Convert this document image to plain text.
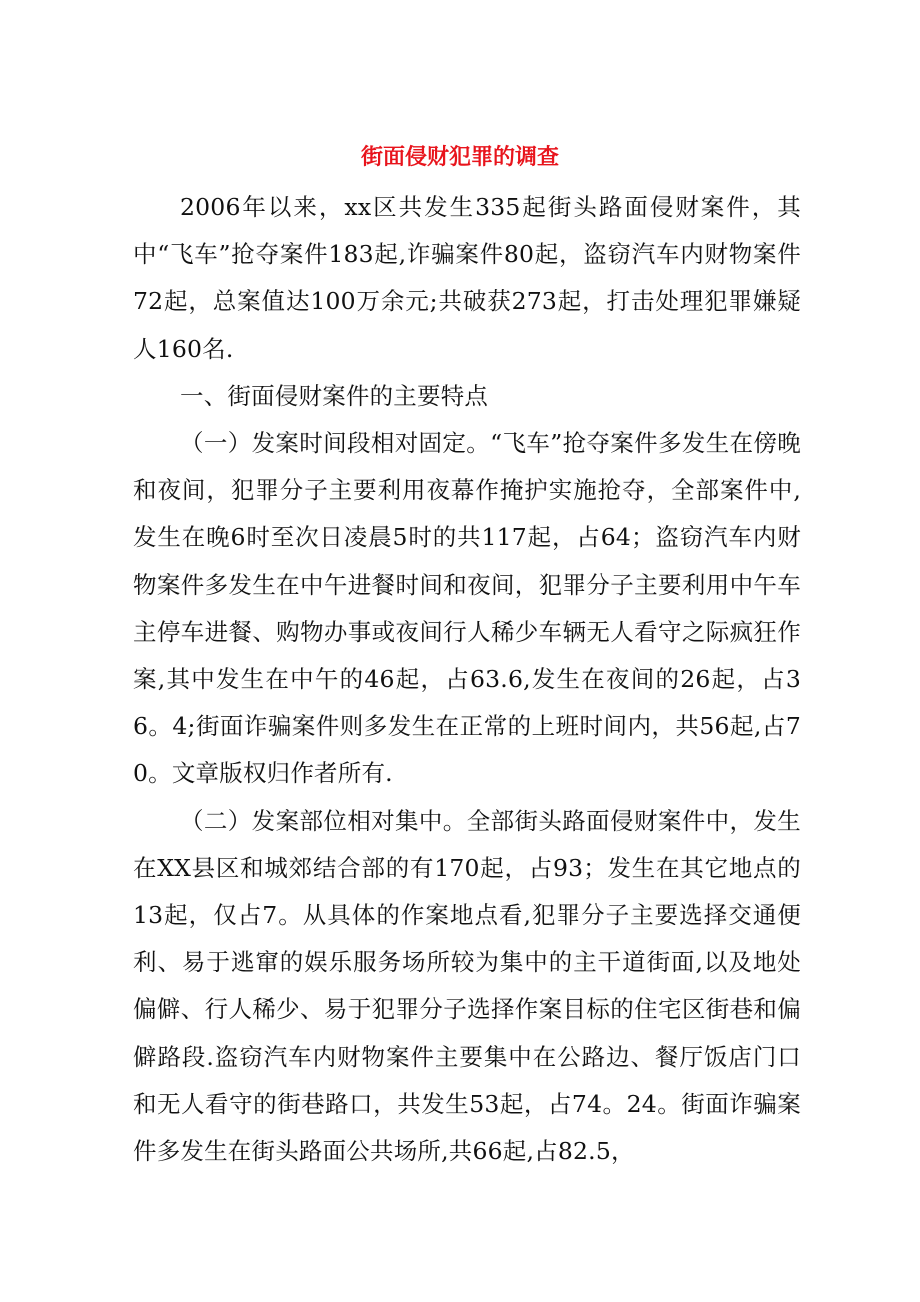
街面侵财犯罪的调查

2006年以来，xx区共发生335起街头路面侵财案件，其中“飞车”抢夺案件183起,诈骗案件80起，盗窃汽车内财物案件72起，总案值达100万余元;共破获273起，打击处理犯罪嫌疑人160名.

一、街面侵财案件的主要特点

（一）发案时间段相对固定。“飞车”抢夺案件多发生在傍晚和夜间，犯罪分子主要利用夜幕作掩护实施抢夺，全部案件中,发生在晚6时至次日凌晨5时的共117起，占64；盗窃汽车内财物案件多发生在中午进餐时间和夜间，犯罪分子主要利用中午车主停车进餐、购物办事或夜间行人稀少车辆无人看守之际疯狂作案,其中发生在中午的46起，占63.6,发生在夜间的26起，占36。4;街面诈骗案件则多发生在正常的上班时间内，共56起,占70。文章版权归作者所有.

（二）发案部位相对集中。全部街头路面侵财案件中，发生在XX县区和城郊结合部的有170起，占93；发生在其它地点的13起，仅占7。从具体的作案地点看,犯罪分子主要选择交通便利、易于逃窜的娱乐服务场所较为集中的主干道街面,以及地处偏僻、行人稀少、易于犯罪分子选择作案目标的住宅区街巷和偏僻路段.盗窃汽车内财物案件主要集中在公路边、餐厅饭店门口和无人看守的街巷路口，共发生53起，占74。24。街面诈骗案件多发生在街头路面公共场所,共66起,占82.5，
